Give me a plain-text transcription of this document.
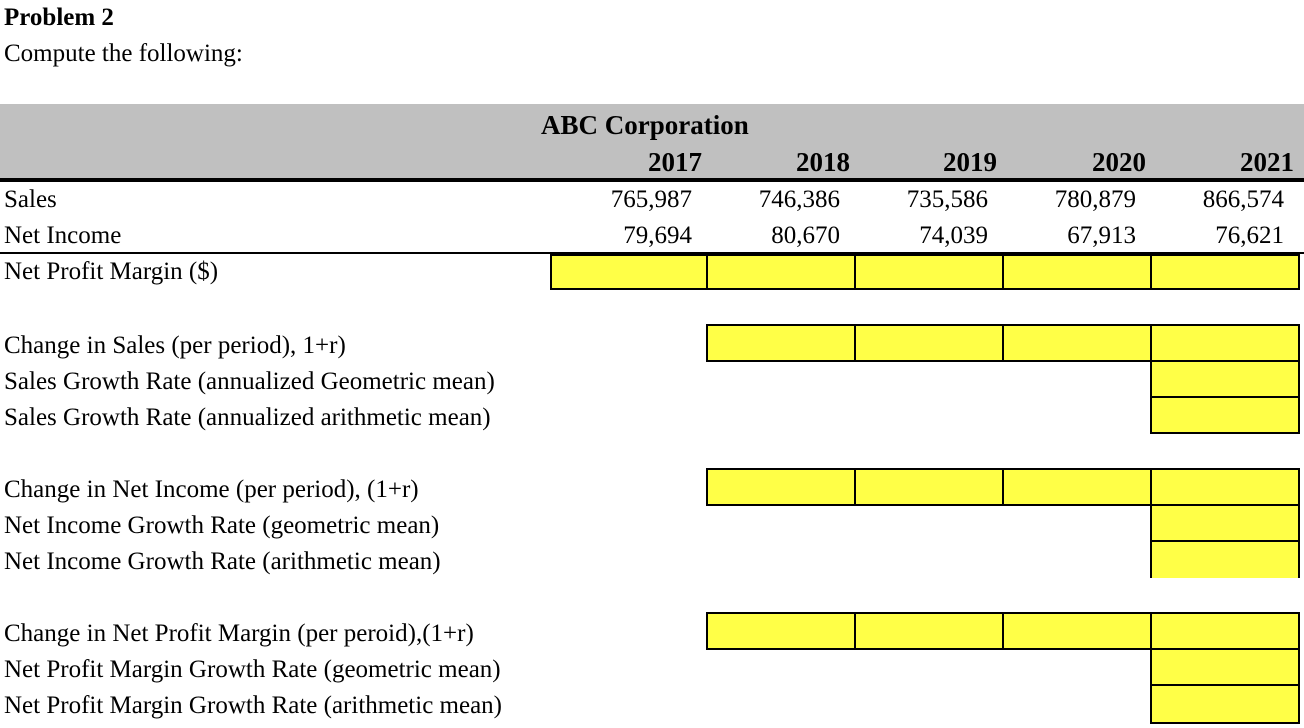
Problem 2
Compute the following:
ABC Corporation
2017	2018	2019	2020	2021
Sales	765,987	746,386	735,586	780,879	866,574
Net Income	79,694	80,670	74,039	67,913	76,621
Net Profit Margin ($)
Change in Sales (per period), 1+r)
Sales Growth Rate (annualized Geometric mean)
Sales Growth Rate (annualized arithmetic mean)
Change in Net Income (per period), (1+r)
Net Income Growth Rate (geometric mean)
Net Income Growth Rate (arithmetic mean)
Change in Net Profit Margin (per peroid),(1+r)
Net Profit Margin Growth Rate (geometric mean)
Net Profit Margin Growth Rate (arithmetic mean)
